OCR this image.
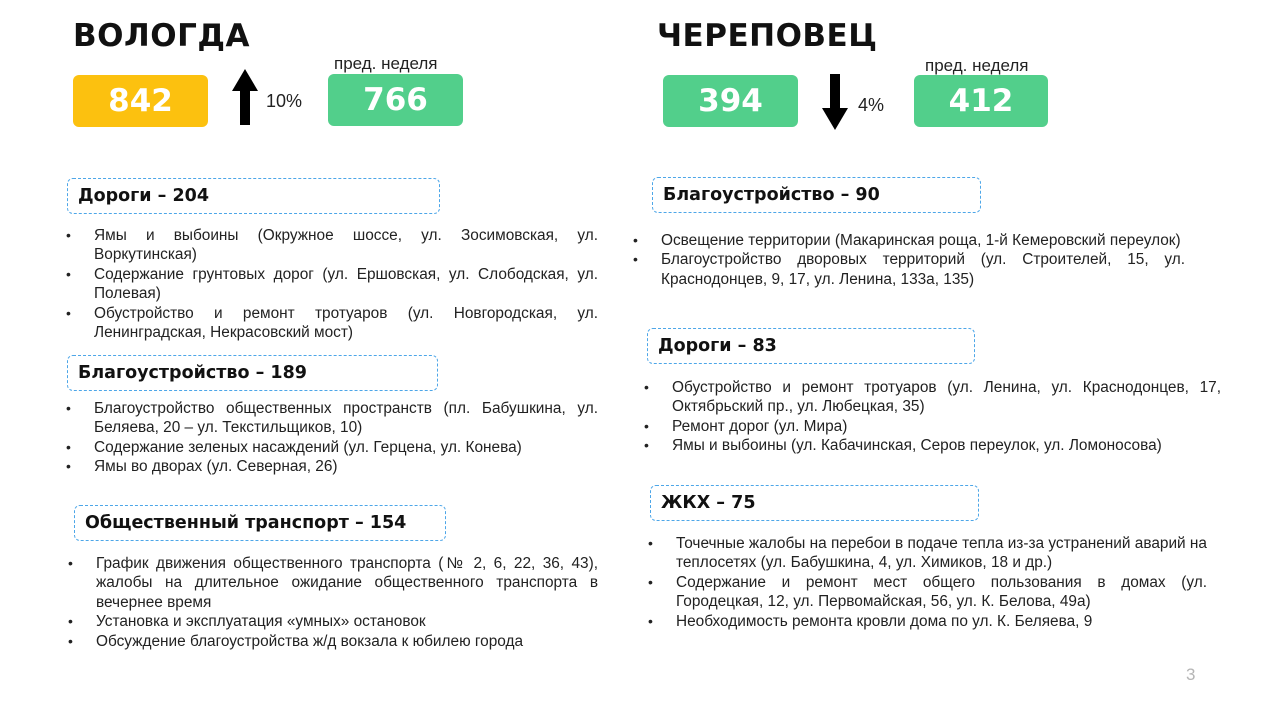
ВОЛОГДА
842	10%
пред. неделя
766
Дороги – 204
• Ямы и выбоины (Окружное шоссе, ул. Зосимовская, ул. Воркутинская)
• Содержание грунтовых дорог (ул. Ершовская, ул. Слободская, ул. Полевая)
• Обустройство и ремонт тротуаров (ул. Новгородская, ул. Ленинградская, Некрасовский мост)
Благоустройство – 189
• Благоустройство общественных пространств (пл. Бабушкина, ул. Беляева, 20 – ул. Текстильщиков, 10)
• Содержание зеленых насаждений (ул. Герцена, ул. Конева)
• Ямы во дворах (ул. Северная, 26)
Общественный транспорт – 154
• График движения общественного транспорта (№ 2, 6, 22, 36, 43), жалобы на длительное ожидание общественного транспорта в вечернее время
• Установка и эксплуатация «умных» остановок
• Обсуждение благоустройства ж/д вокзала к юбилею города
ЧЕРЕПОВЕЦ
394	4%
пред. неделя
412
Благоустройство – 90
• Освещение территории (Макаринская роща, 1-й Кемеровский переулок)
• Благоустройство дворовых территорий (ул. Строителей, 15, ул. Краснодонцев, 9, 17, ул. Ленина, 133а, 135)
Дороги – 83
• Обустройство и ремонт тротуаров (ул. Ленина, ул. Краснодонцев, 17, Октябрьский пр., ул. Любецкая, 35)
• Ремонт дорог (ул. Мира)
• Ямы и выбоины (ул. Кабачинская, Серов переулок, ул. Ломоносова)
ЖКХ – 75
• Точечные жалобы на перебои в подаче тепла из-за устранений аварий на теплосетях (ул. Бабушкина, 4, ул. Химиков, 18 и др.)
• Содержание и ремонт мест общего пользования в домах (ул. Городецкая, 12, ул. Первомайская, 56, ул. К. Белова, 49а)
• Необходимость ремонта кровли дома по ул. К. Беляева, 9
3
